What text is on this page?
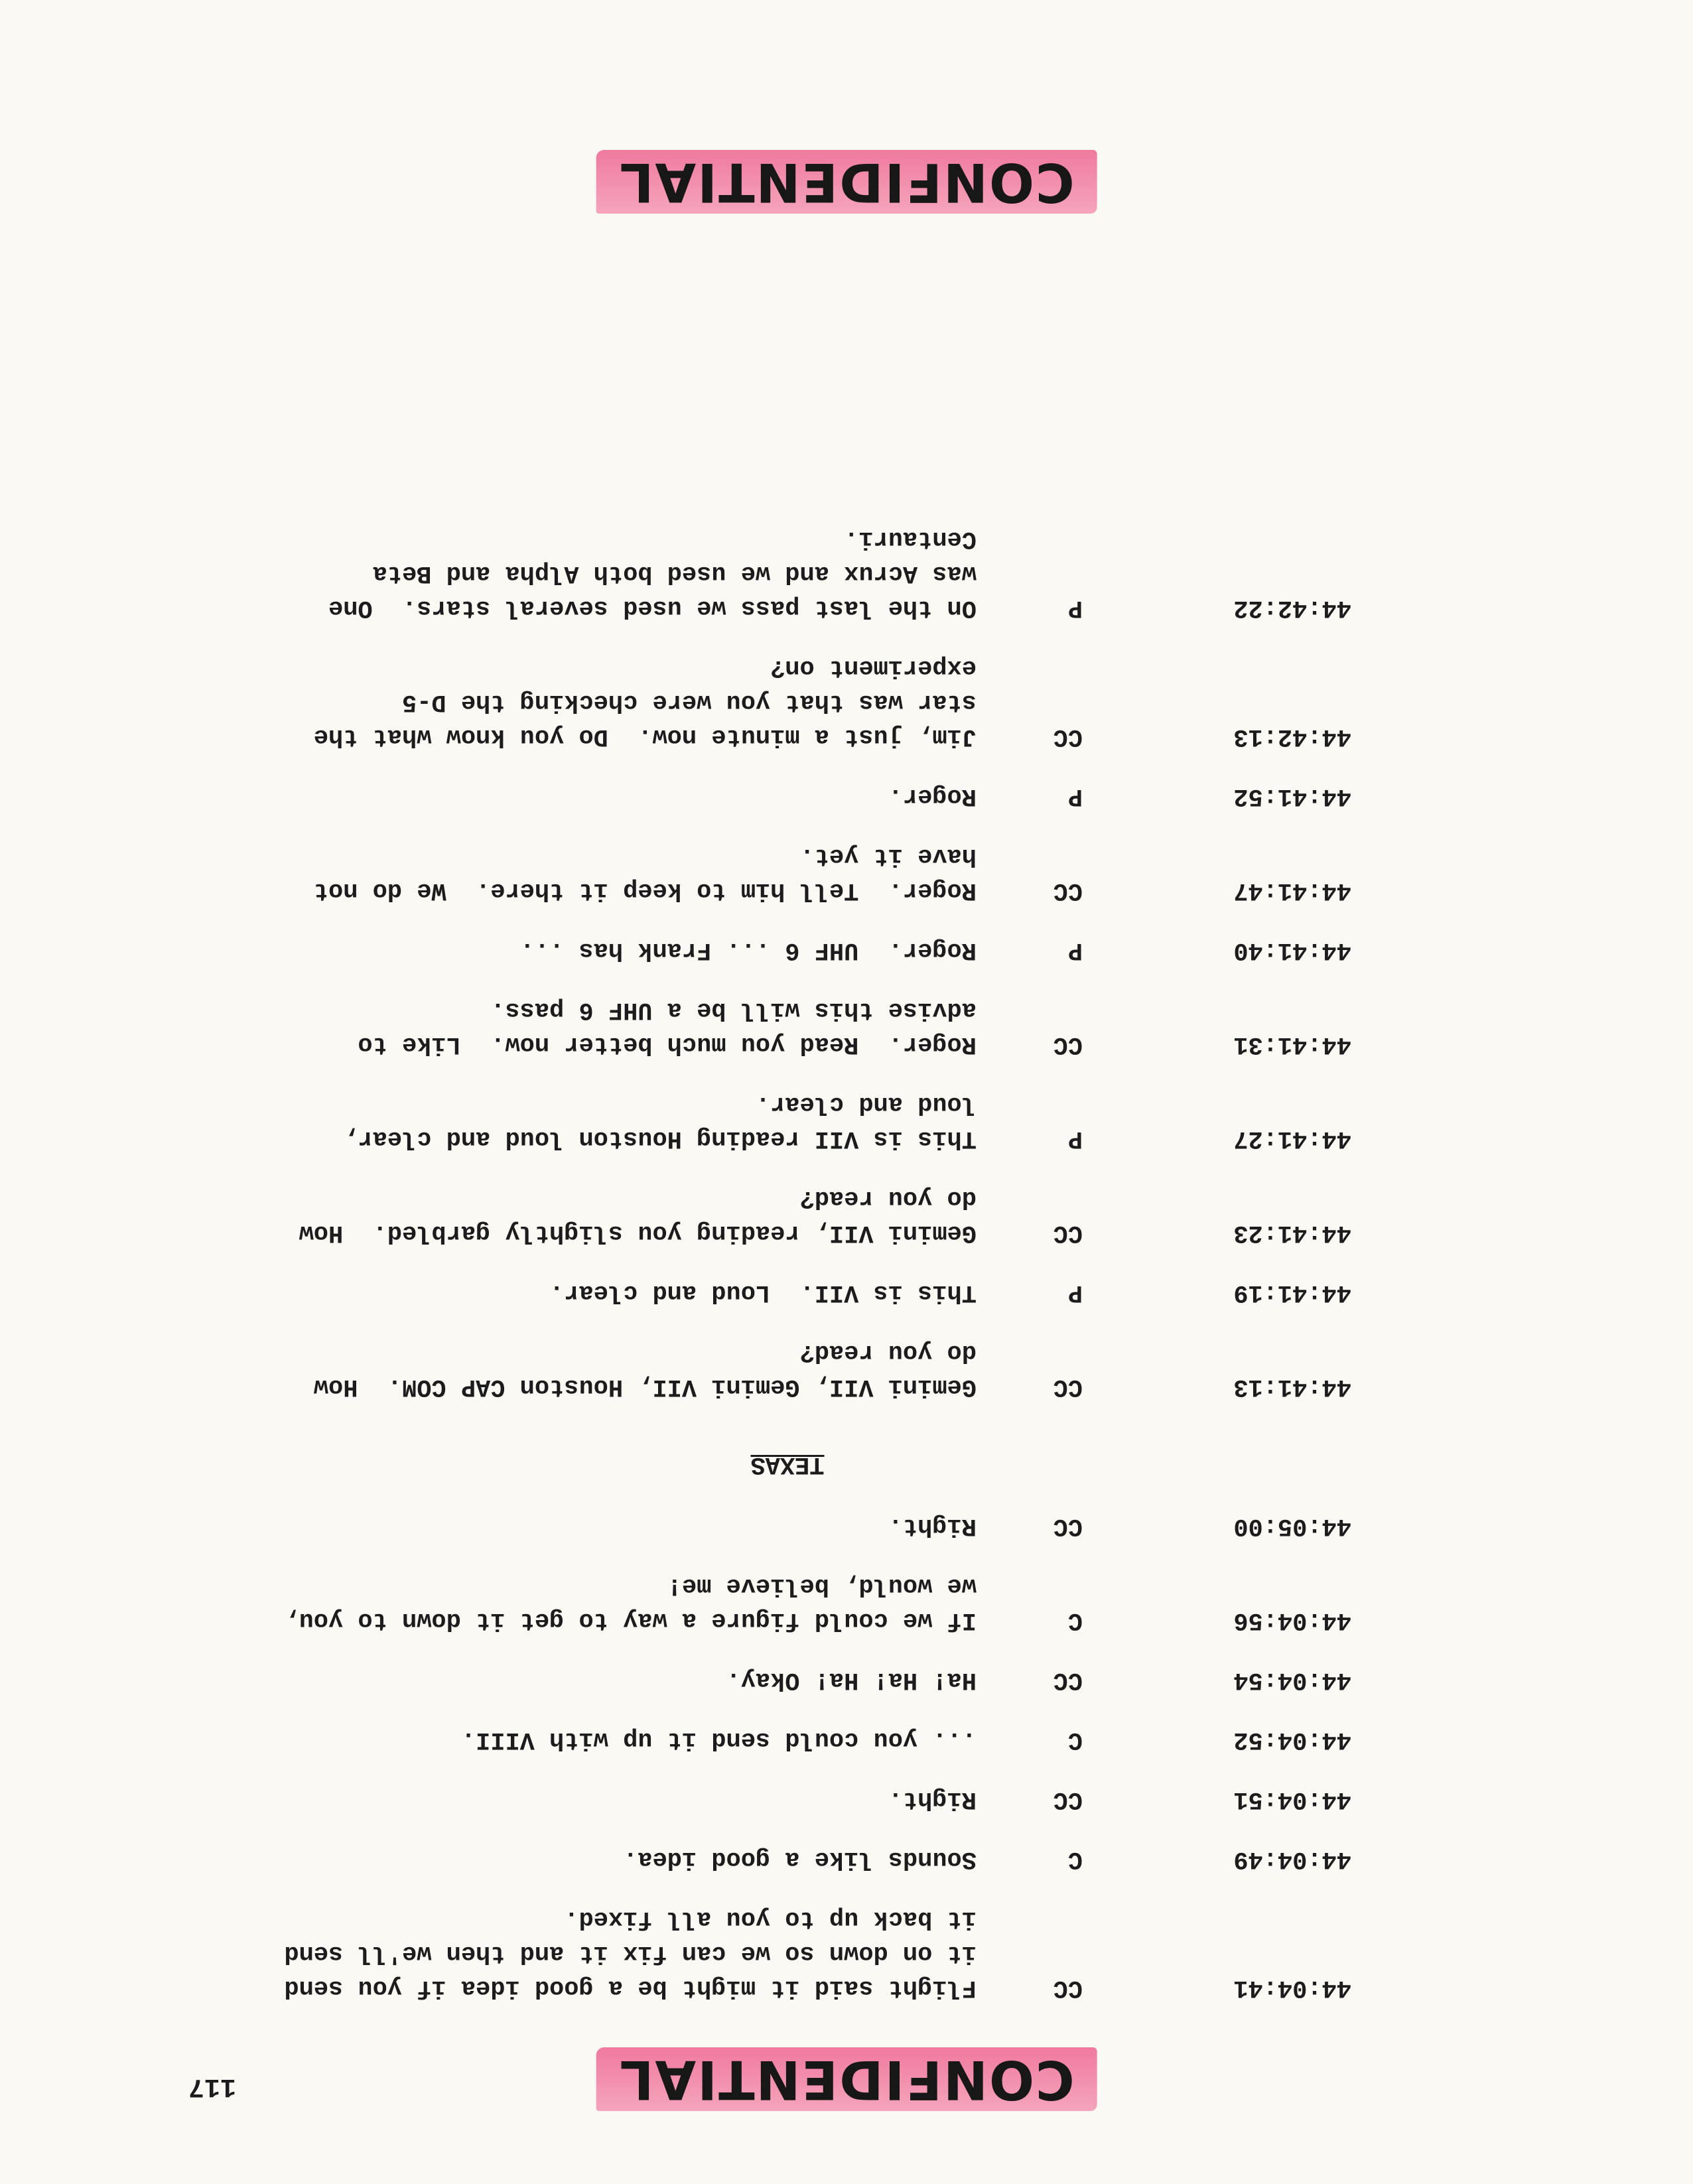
CONFIDENTIAL
117
44:04:41
CC
Flight said it might be a good idea if you send it on down so we can fix it and then we'll send it back up to you all fixed.
44:04:49
C
Sounds like a good idea.
44:04:51
CC
Right.
44:04:52
C
... you could send it up with VIII.
44:04:54
CC
Ha! Ha! Ha! Okay.
44:04:56
C
If we could figure a way to get it down to you, we would, believe me!
44:05:00
CC
Right.
TEXAS
44:41:13
CC
Gemini VII, Gemini VII, Houston CAP COM.  How do you read?
44:41:19
P
This is VII.  Loud and clear.
44:41:23
CC
Gemini VII, reading you slightly garbled.  How do you read?
44:41:27
P
This is VII reading Houston loud and clear, loud and clear.
44:41:31
CC
Roger.  Read you much better now.  Like to advise this will be a UHF 6 pass.
44:41:40
P
Roger.  UHF 6 ... Frank has ...
44:41:47
CC
Roger.  Tell him to keep it there.  We do not have it yet.
44:41:52
P
Roger.
44:42:13
CC
Jim, just a minute now.  Do you know what the star was that you were checking the D-5 experiment on?
44:42:22
P
On the last pass we used several stars.  One was Acrux and we used both Alpha and Beta Centauri.
CONFIDENTIAL
